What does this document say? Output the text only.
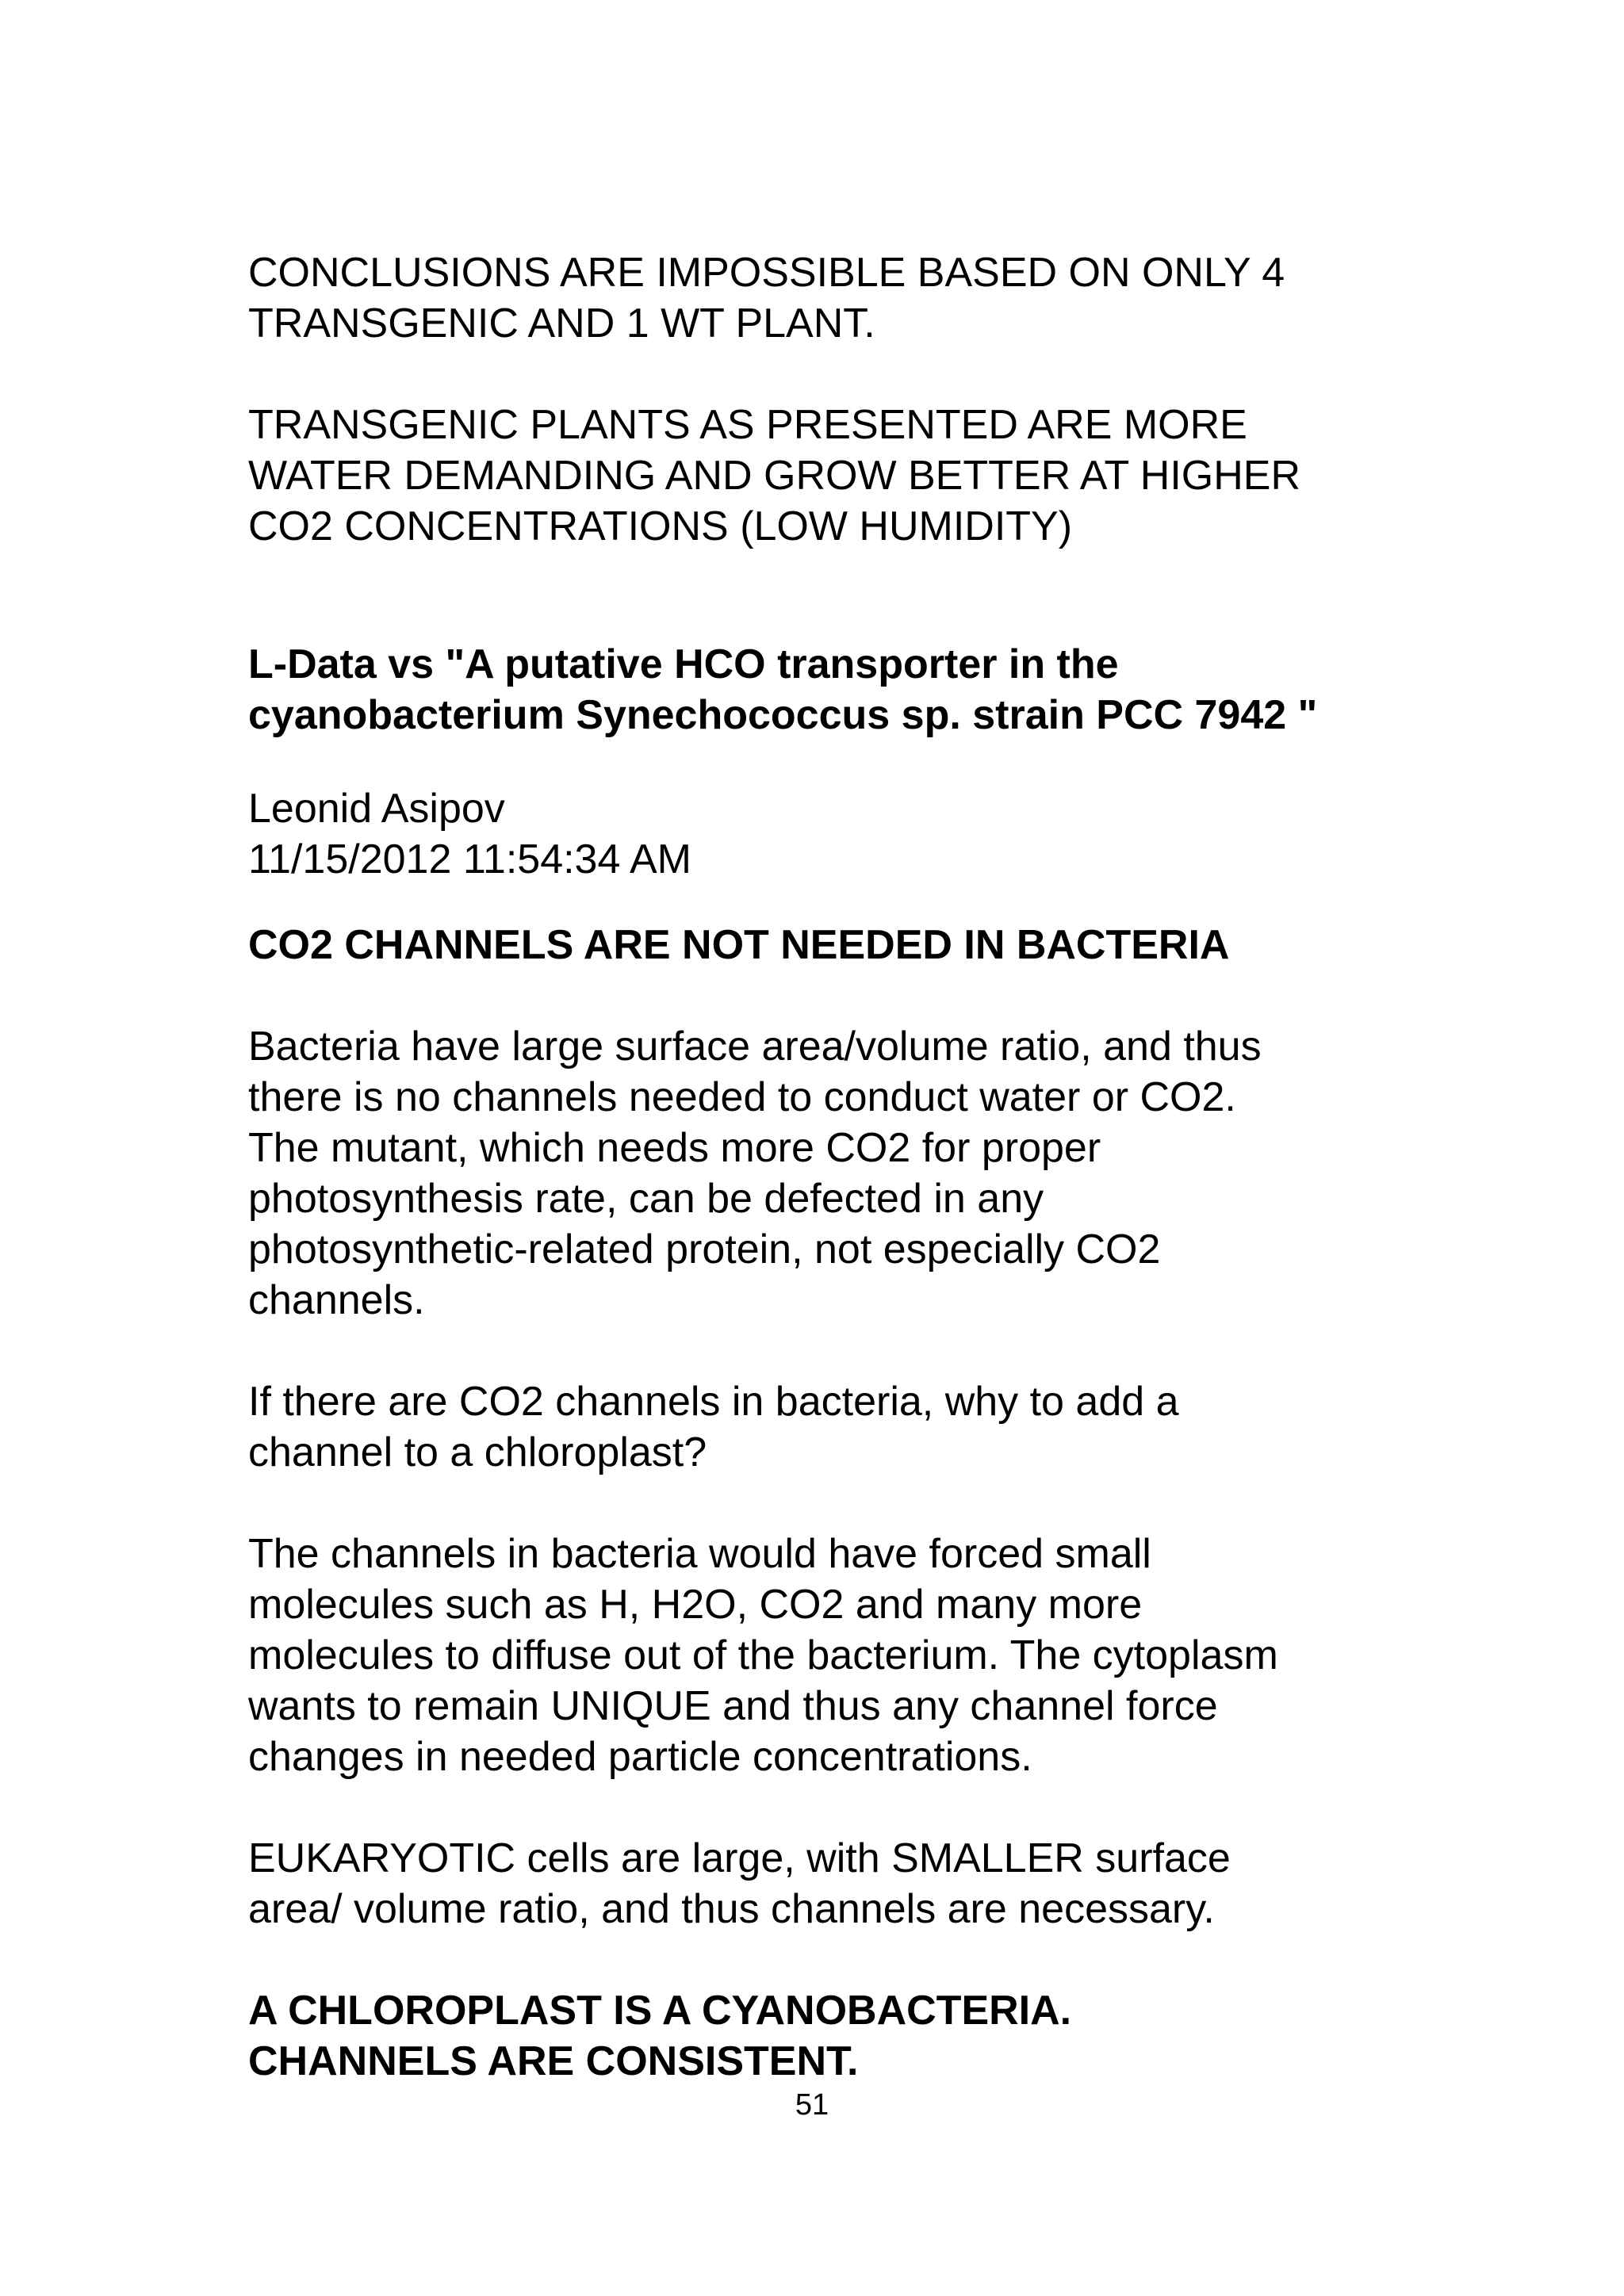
CONCLUSIONS ARE IMPOSSIBLE BASED ON ONLY 4
TRANSGENIC AND 1 WT PLANT.

TRANSGENIC PLANTS AS PRESENTED ARE MORE
WATER DEMANDING AND GROW BETTER AT HIGHER
CO2 CONCENTRATIONS (LOW HUMIDITY)

L-Data vs "A putative HCO transporter in the
cyanobacterium Synechococcus sp. strain PCC 7942 "

Leonid Asipov
11/15/2012 11:54:34 AM

CO2 CHANNELS ARE NOT NEEDED IN BACTERIA

Bacteria have large surface area/volume ratio, and thus
there is no channels needed to conduct water or CO2.
The mutant, which needs more CO2 for proper
photosynthesis rate, can be defected in any
photosynthetic-related protein, not especially CO2
channels.

If there are CO2 channels in bacteria, why to add a
channel to a chloroplast?

The channels in bacteria would have forced small
molecules such as H, H2O, CO2 and many more
molecules to diffuse out of the bacterium. The cytoplasm
wants to remain UNIQUE and thus any channel force
changes in needed particle concentrations.

EUKARYOTIC cells are large, with SMALLER surface
area/ volume ratio, and thus channels are necessary.

A CHLOROPLAST IS A CYANOBACTERIA.
CHANNELS ARE CONSISTENT.

51
